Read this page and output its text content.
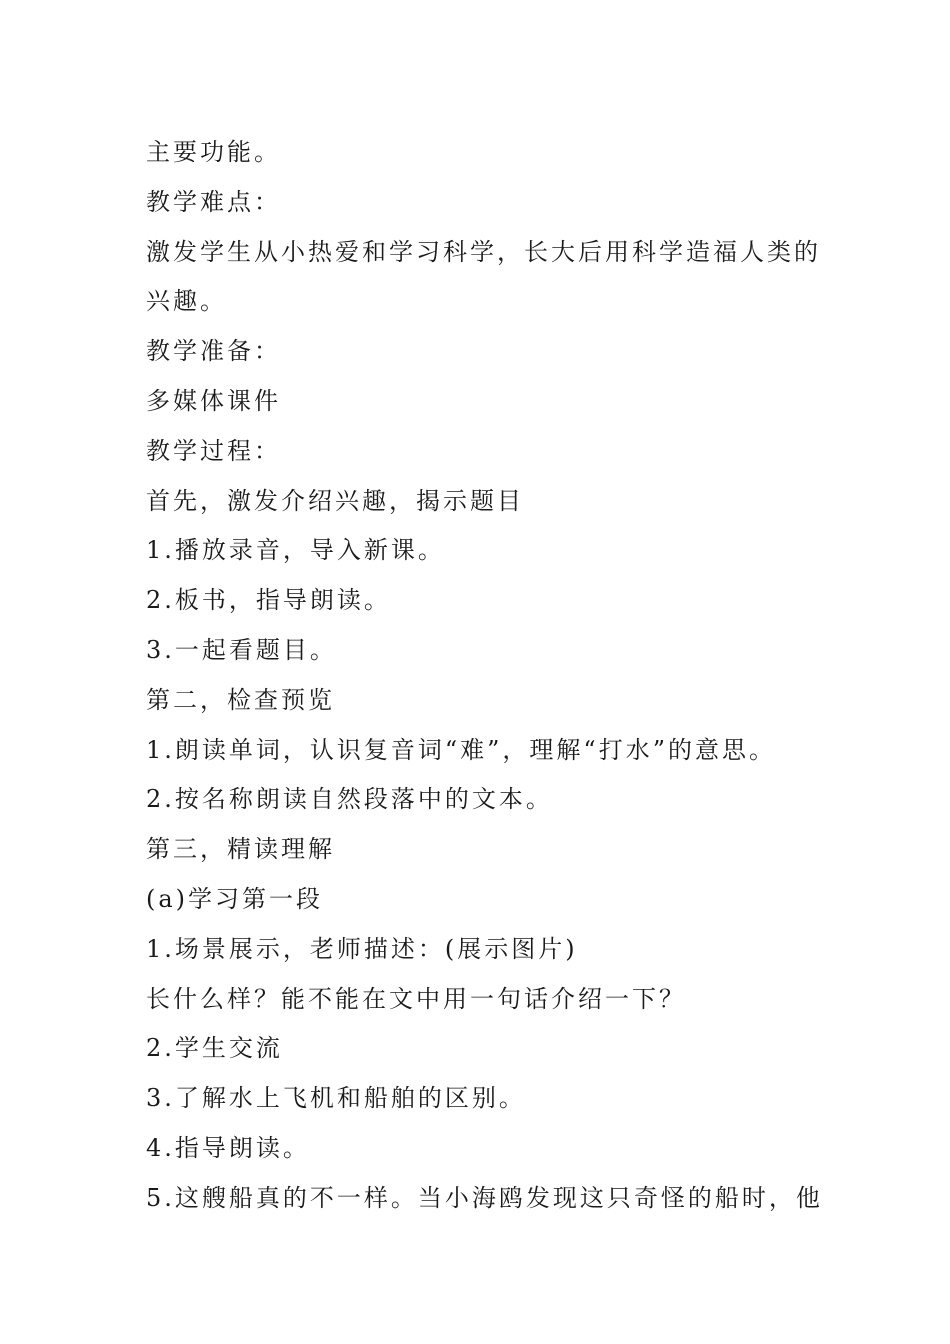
主要功能。

教学难点：

激发学生从小热爱和学习科学，长大后用科学造福人类的

兴趣。

教学准备：

多媒体课件

教学过程：

首先，激发介绍兴趣，揭示题目

1.播放录音，导入新课。

2.板书，指导朗读。

3.一起看题目。

第二，检查预览

1.朗读单词，认识复音词“难”，理解“打水”的意思。

2.按名称朗读自然段落中的文本。

第三，精读理解

(a)学习第一段

1.场景展示，老师描述：(展示图片)

长什么样？能不能在文中用一句话介绍一下？

2.学生交流

3.了解水上飞机和船舶的区别。

4.指导朗读。

5.这艘船真的不一样。当小海鸥发现这只奇怪的船时，他
